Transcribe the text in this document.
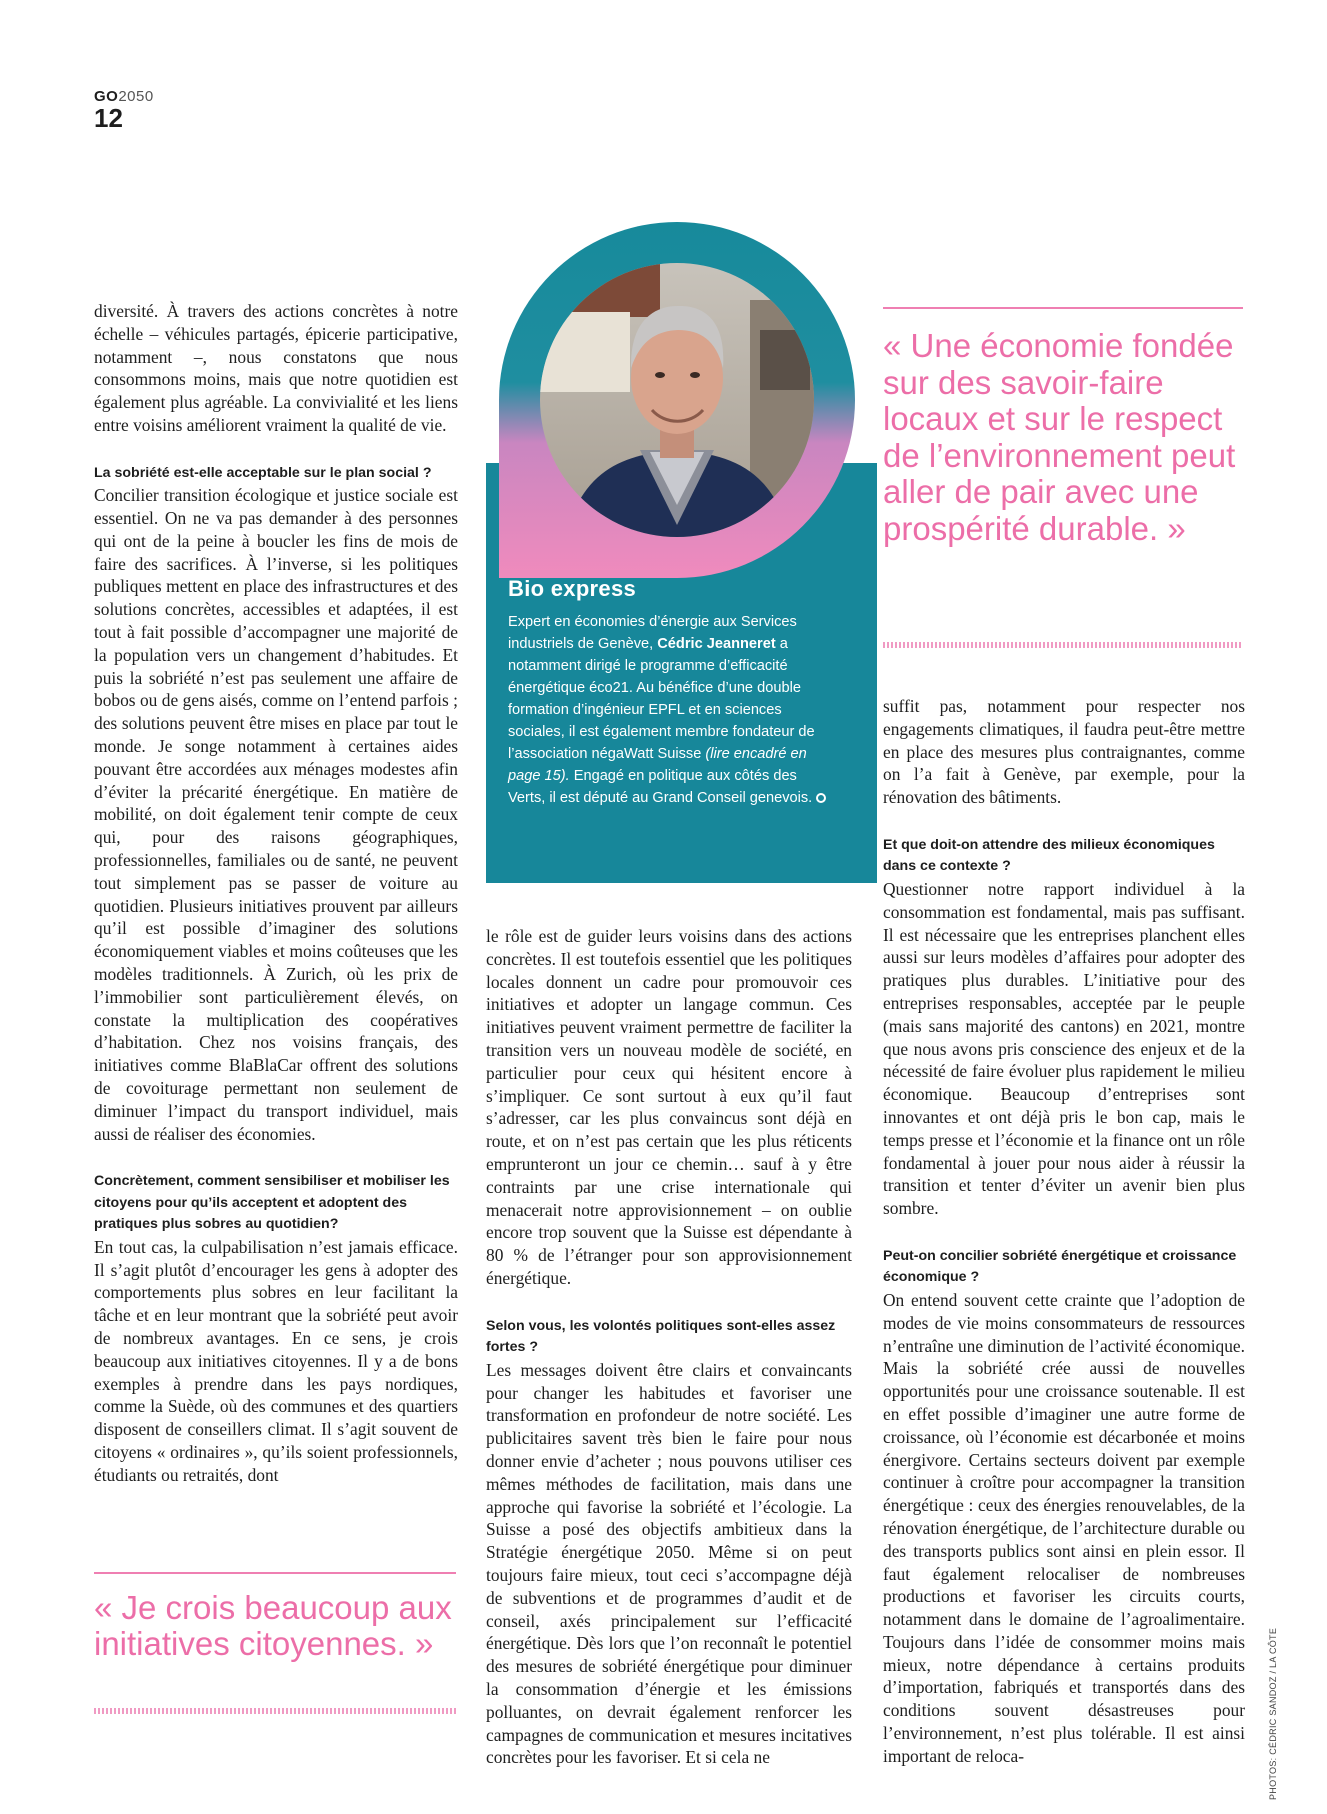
GO2050
12

diversité. À travers des actions concrètes à notre échelle – véhicules partagés, épicerie participative, notamment –, nous constatons que nous consommons moins, mais que notre quotidien est également plus agréable. La convivialité et les liens entre voisins améliorent vraiment la qualité de vie.

La sobriété est-elle acceptable sur le plan social ?

Concilier transition écologique et justice sociale est essentiel. On ne va pas demander à des personnes qui ont de la peine à boucler les fins de mois de faire des sacrifices. À l’inverse, si les politiques publiques mettent en place des infrastructures et des solutions concrètes, accessibles et adaptées, il est tout à fait possible d’accompagner une majorité de la population vers un changement d’habitudes. Et puis la sobriété n’est pas seulement une affaire de bobos ou de gens aisés, comme on l’entend parfois ; des solutions peuvent être mises en place par tout le monde. Je songe notamment à certaines aides pouvant être accordées aux ménages modestes afin d’éviter la précarité énergétique. En matière de mobilité, on doit également tenir compte de ceux qui, pour des raisons géographiques, professionnelles, familiales ou de santé, ne peuvent tout simplement pas se passer de voiture au quotidien. Plusieurs initiatives prouvent par ailleurs qu’il est possible d’imaginer des solutions économiquement viables et moins coûteuses que les modèles traditionnels. À Zurich, où les prix de l’immobilier sont particulièrement élevés, on constate la multiplication des coopératives d’habitation. Chez nos voisins français, des initiatives comme BlaBlaCar offrent des solutions de covoiturage permettant non seulement de diminuer l’impact du transport individuel, mais aussi de réaliser des économies.

Concrètement, comment sensibiliser et mobiliser les citoyens pour qu’ils acceptent et adoptent des pratiques plus sobres au quotidien?

En tout cas, la culpabilisation n’est jamais efficace. Il s’agit plutôt d’encourager les gens à adopter des comportements plus sobres en leur facilitant la tâche et en leur montrant que la sobriété peut avoir de nombreux avantages. En ce sens, je crois beaucoup aux initiatives citoyennes. Il y a de bons exemples à prendre dans les pays nordiques, comme la Suède, où des communes et des quartiers disposent de conseillers climat. Il s’agit souvent de citoyens « ordinaires », qu’ils soient professionnels, étudiants ou retraités, dont

« Je crois beaucoup aux initiatives citoyennes. »
Bio express
Expert en économies d’énergie aux Services industriels de Genève, Cédric Jeanneret a notamment dirigé le programme d’efficacité énergétique éco21. Au bénéfice d’une double formation d’ingénieur EPFL et en sciences sociales, il est également membre fondateur de l’association négaWatt Suisse (lire encadré en page 15). Engagé en politique aux côtés des Verts, il est député au Grand Conseil genevois.

le rôle est de guider leurs voisins dans des actions concrètes. Il est toutefois essentiel que les politiques locales donnent un cadre pour promouvoir ces initiatives et adopter un langage commun. Ces initiatives peuvent vraiment permettre de faciliter la transition vers un nouveau modèle de société, en particulier pour ceux qui hésitent encore à s’impliquer. Ce sont surtout à eux qu’il faut s’adresser, car les plus convaincus sont déjà en route, et on n’est pas certain que les plus réticents emprunteront un jour ce chemin… sauf à y être contraints par une crise internationale qui menacerait notre approvisionnement – on oublie encore trop souvent que la Suisse est dépendante à 80 % de l’étranger pour son approvisionnement énergétique.

Selon vous, les volontés politiques sont-elles assez fortes ?

Les messages doivent être clairs et convaincants pour changer les habitudes et favoriser une transformation en profondeur de notre société. Les publicitaires savent très bien le faire pour nous donner envie d’acheter ; nous pouvons utiliser ces mêmes méthodes de facilitation, mais dans une approche qui favorise la sobriété et l’écologie. La Suisse a posé des objectifs ambitieux dans la Stratégie énergétique 2050. Même si on peut toujours faire mieux, tout ceci s’accompagne déjà de subventions et de programmes d’audit et de conseil, axés principalement sur l’efficacité énergétique. Dès lors que l’on reconnaît le potentiel des mesures de sobriété énergétique pour diminuer la consommation d’énergie et les émissions polluantes, on devrait également renforcer les campagnes de communication et mesures incitatives concrètes pour les favoriser. Et si cela ne

« Une économie fondée sur des savoir-faire locaux et sur le respect de l’environnement peut aller de pair avec une prospérité durable. »

suffit pas, notamment pour respecter nos engagements climatiques, il faudra peut-être mettre en place des mesures plus contraignantes, comme on l’a fait à Genève, par exemple, pour la rénovation des bâtiments.

Et que doit-on attendre des milieux économiques dans ce contexte ?

Questionner notre rapport individuel à la consommation est fondamental, mais pas suffisant. Il est nécessaire que les entreprises planchent elles aussi sur leurs modèles d’affaires pour adopter des pratiques plus durables. L’initiative pour des entreprises responsables, acceptée par le peuple (mais sans majorité des cantons) en 2021, montre que nous avons pris conscience des enjeux et de la nécessité de faire évoluer plus rapidement le milieu économique. Beaucoup d’entreprises sont innovantes et ont déjà pris le bon cap, mais le temps presse et l’économie et la finance ont un rôle fondamental à jouer pour nous aider à réussir la transition et tenter d’éviter un avenir bien plus sombre.

Peut-on concilier sobriété énergétique et croissance économique ?

On entend souvent cette crainte que l’adoption de modes de vie moins consommateurs de ressources n’entraîne une diminution de l’activité économique. Mais la sobriété crée aussi de nouvelles opportunités pour une croissance soutenable. Il est en effet possible d’imaginer une autre forme de croissance, où l’économie est décarbonée et moins énergivore. Certains secteurs doivent par exemple continuer à croître pour accompagner la transition énergétique : ceux des énergies renouvelables, de la rénovation énergétique, de l’architecture durable ou des transports publics sont ainsi en plein essor. Il faut également relocaliser de nombreuses productions et favoriser les circuits courts, notamment dans le domaine de l’agroalimentaire. Toujours dans l’idée de consommer moins mais mieux, notre dépendance à certains produits d’importation, fabriqués et transportés dans des conditions souvent désastreuses pour l’environnement, n’est plus tolérable. Il est ainsi important de reloca-	PHOTOS: CÉDRIC SANDOZ / LA CÔTE
